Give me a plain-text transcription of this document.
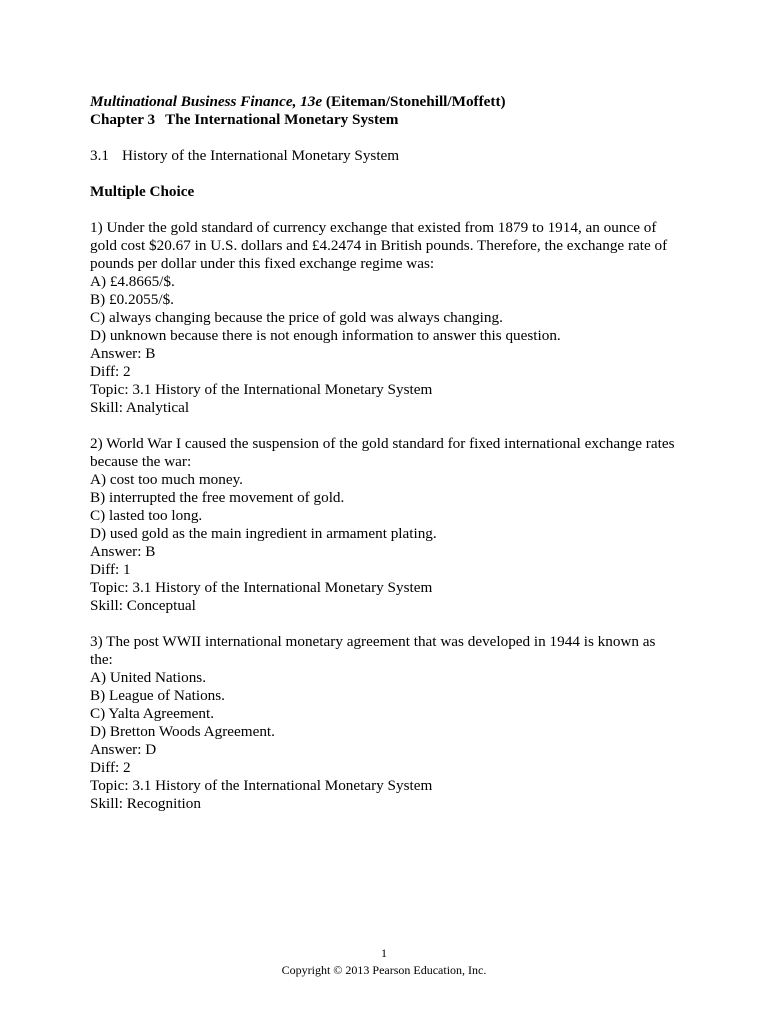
Multinational Business Finance, 13e (Eiteman/Stonehill/Moffett)
Chapter 3 The International Monetary System
3.1 History of the International Monetary System
Multiple Choice
1) Under the gold standard of currency exchange that existed from 1879 to 1914, an ounce of
gold cost $20.67 in U.S. dollars and £4.2474 in British pounds. Therefore, the exchange rate of
pounds per dollar under this fixed exchange regime was:
A) £4.8665/$.
B) £0.2055/$.
C) always changing because the price of gold was always changing.
D) unknown because there is not enough information to answer this question.
Answer: B
Diff: 2
Topic: 3.1 History of the International Monetary System
Skill: Analytical
2) World War I caused the suspension of the gold standard for fixed international exchange rates
because the war:
A) cost too much money.
B) interrupted the free movement of gold.
C) lasted too long.
D) used gold as the main ingredient in armament plating.
Answer: B
Diff: 1
Topic: 3.1 History of the International Monetary System
Skill: Conceptual
3) The post WWII international monetary agreement that was developed in 1944 is known as
the:
A) United Nations.
B) League of Nations.
C) Yalta Agreement.
D) Bretton Woods Agreement.
Answer: D
Diff: 2
Topic: 3.1 History of the International Monetary System
Skill: Recognition
1
Copyright © 2013 Pearson Education, Inc.
